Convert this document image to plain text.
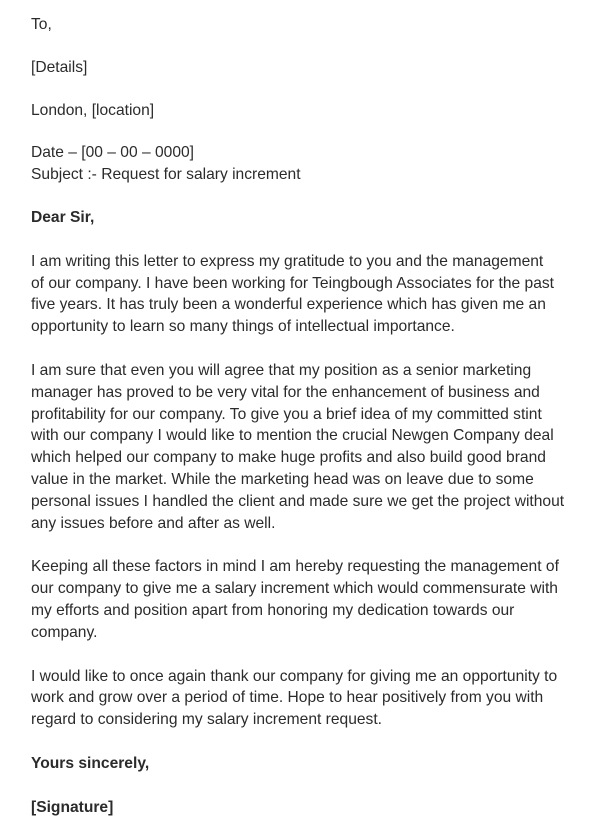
To,
[Details]
London, [location]
Date – [00 – 00 – 0000]
Subject :- Request for salary increment
Dear Sir,

I am writing this letter to express my gratitude to you and the management
of our company. I have been working for Teingbough Associates for the past
five years. It has truly been a wonderful experience which has given me an
opportunity to learn so many things of intellectual importance.

I am sure that even you will agree that my position as a senior marketing
manager has proved to be very vital for the enhancement of business and
profitability for our company. To give you a brief idea of my committed stint
with our company I would like to mention the crucial Newgen Company deal
which helped our company to make huge profits and also build good brand
value in the market. While the marketing head was on leave due to some
personal issues I handled the client and made sure we get the project without
any issues before and after as well.

Keeping all these factors in mind I am hereby requesting the management of
our company to give me a salary increment which would commensurate with
my efforts and position apart from honoring my dedication towards our
company.

I would like to once again thank our company for giving me an opportunity to
work and grow over a period of time. Hope to hear positively from you with
regard to considering my salary increment request.

Yours sincerely,
[Signature]
